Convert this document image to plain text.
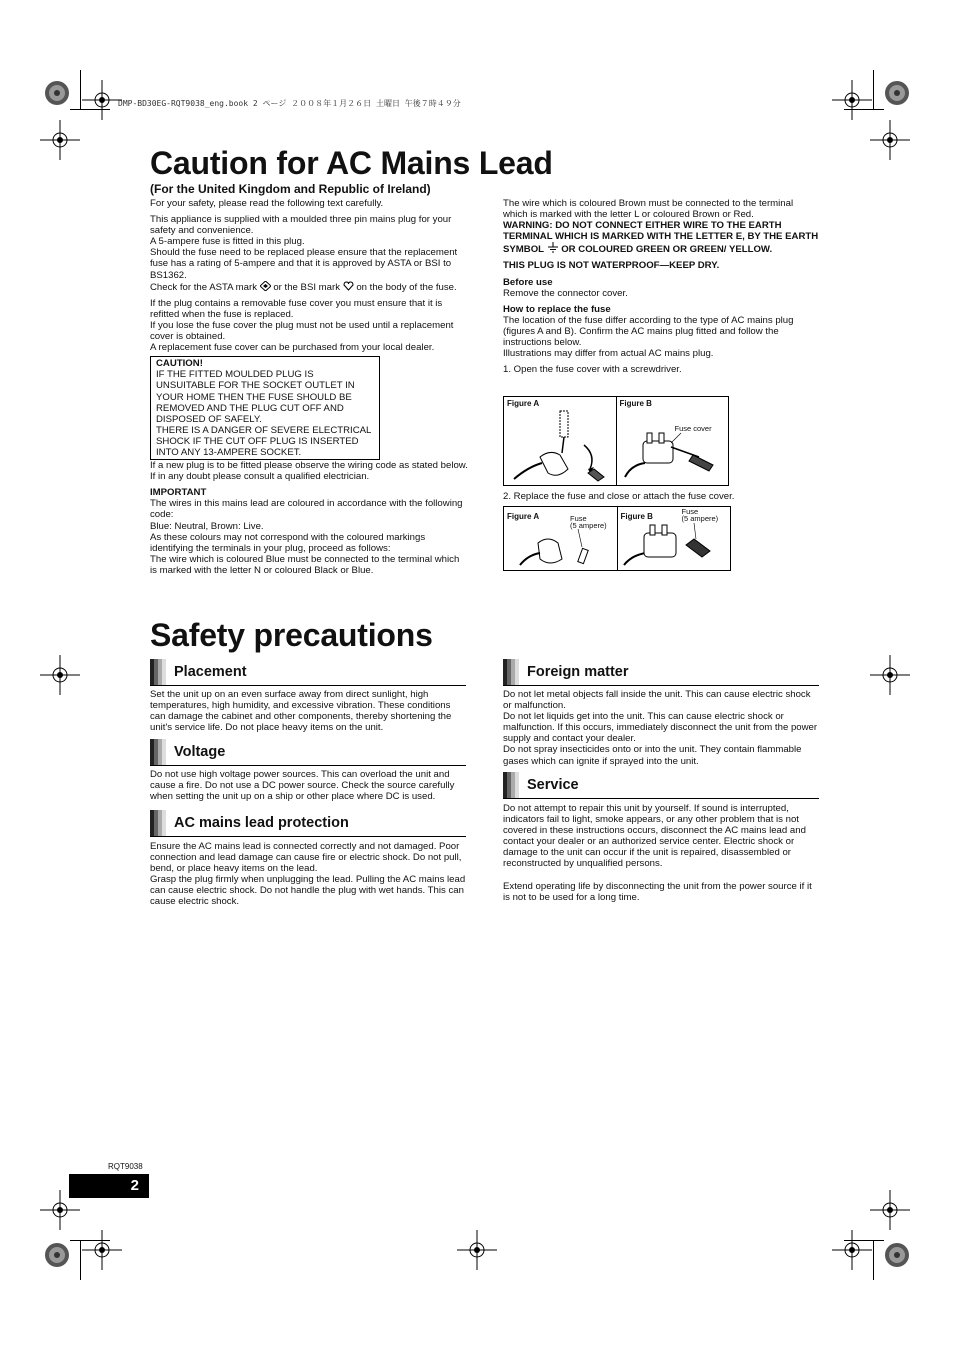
DMP-BD30EG-RQT9038_eng.book 2 ページ ２００８年１月２６日 土曜日 午後７時４９分
Caution for AC Mains Lead
(For the United Kingdom and Republic of Ireland)

For your safety, please read the following text carefully.

This appliance is supplied with a moulded three pin mains plug for your safety and convenience.

A 5-ampere fuse is fitted in this plug.

Should the fuse need to be replaced please ensure that the replacement fuse has a rating of 5-ampere and that it is approved by ASTA or BSI to BS1362.

Check for the ASTA mark or the BSI mark on the body of the fuse.

If the plug contains a removable fuse cover you must ensure that it is refitted when the fuse is replaced.

If you lose the fuse cover the plug must not be used until a replacement cover is obtained.

A replacement fuse cover can be purchased from your local dealer.

CAUTION!
IF THE FITTED MOULDED PLUG IS UNSUITABLE FOR THE SOCKET OUTLET IN YOUR HOME THEN THE FUSE SHOULD BE REMOVED AND THE PLUG CUT OFF AND DISPOSED OF SAFELY.
THERE IS A DANGER OF SEVERE ELECTRICAL SHOCK IF THE CUT OFF PLUG IS INSERTED INTO ANY 13-AMPERE SOCKET.

If a new plug is to be fitted please observe the wiring code as stated below.

If in any doubt please consult a qualified electrician.

IMPORTANT

The wires in this mains lead are coloured in accordance with the following code:

Blue: Neutral, Brown: Live.

As these colours may not correspond with the coloured markings identifying the terminals in your plug, proceed as follows:

The wire which is coloured Blue must be connected to the terminal which is marked with the letter N or coloured Black or Blue.

The wire which is coloured Brown must be connected to the terminal which is marked with the letter L or coloured Brown or Red.

WARNING: DO NOT CONNECT EITHER WIRE TO THE EARTH TERMINAL WHICH IS MARKED WITH THE LETTER E, BY THE EARTH SYMBOL OR COLOURED GREEN OR GREEN/ YELLOW.

THIS PLUG IS NOT WATERPROOF—KEEP DRY.

Before use

Remove the connector cover.

How to replace the fuse

The location of the fuse differ according to the type of AC mains plug (figures A and B). Confirm the AC mains plug fitted and follow the instructions below.

Illustrations may differ from actual AC mains plug.

1. Open the fuse cover with a screwdriver.

Figure A	Figure B
Fuse cover

2. Replace the fuse and close or attach the fuse cover.

Figure A	Fuse
(5 ampere)
Figure B
Fuse
(5 ampere)
Safety precautions
Placement
Set the unit up on an even surface away from direct sunlight, high temperatures, high humidity, and excessive vibration. These conditions can damage the cabinet and other components, thereby shortening the unit's service life. Do not place heavy items on the unit.
Voltage
Do not use high voltage power sources. This can overload the unit and cause a fire. Do not use a DC power source. Check the source carefully when setting the unit up on a ship or other place where DC is used.
AC mains lead protection

Ensure the AC mains lead is connected correctly and not damaged. Poor connection and lead damage can cause fire or electric shock. Do not pull, bend, or place heavy items on the lead.

Grasp the plug firmly when unplugging the lead. Pulling the AC mains lead can cause electric shock. Do not handle the plug with wet hands. This can cause electric shock.

Foreign matter

Do not let metal objects fall inside the unit. This can cause electric shock or malfunction.

Do not let liquids get into the unit. This can cause electric shock or malfunction. If this occurs, immediately disconnect the unit from the power supply and contact your dealer.

Do not spray insecticides onto or into the unit. They contain flammable gases which can ignite if sprayed into the unit.

Service

Do not attempt to repair this unit by yourself. If sound is interrupted, indicators fail to light, smoke appears, or any other problem that is not covered in these instructions occurs, disconnect the AC mains lead and contact your dealer or an authorized service center. Electric shock or damage to the unit can occur if the unit is repaired, disassembled or reconstructed by unqualified persons.

Extend operating life by disconnecting the unit from the power source if it is not to be used for a long time.

RQT9038
2
